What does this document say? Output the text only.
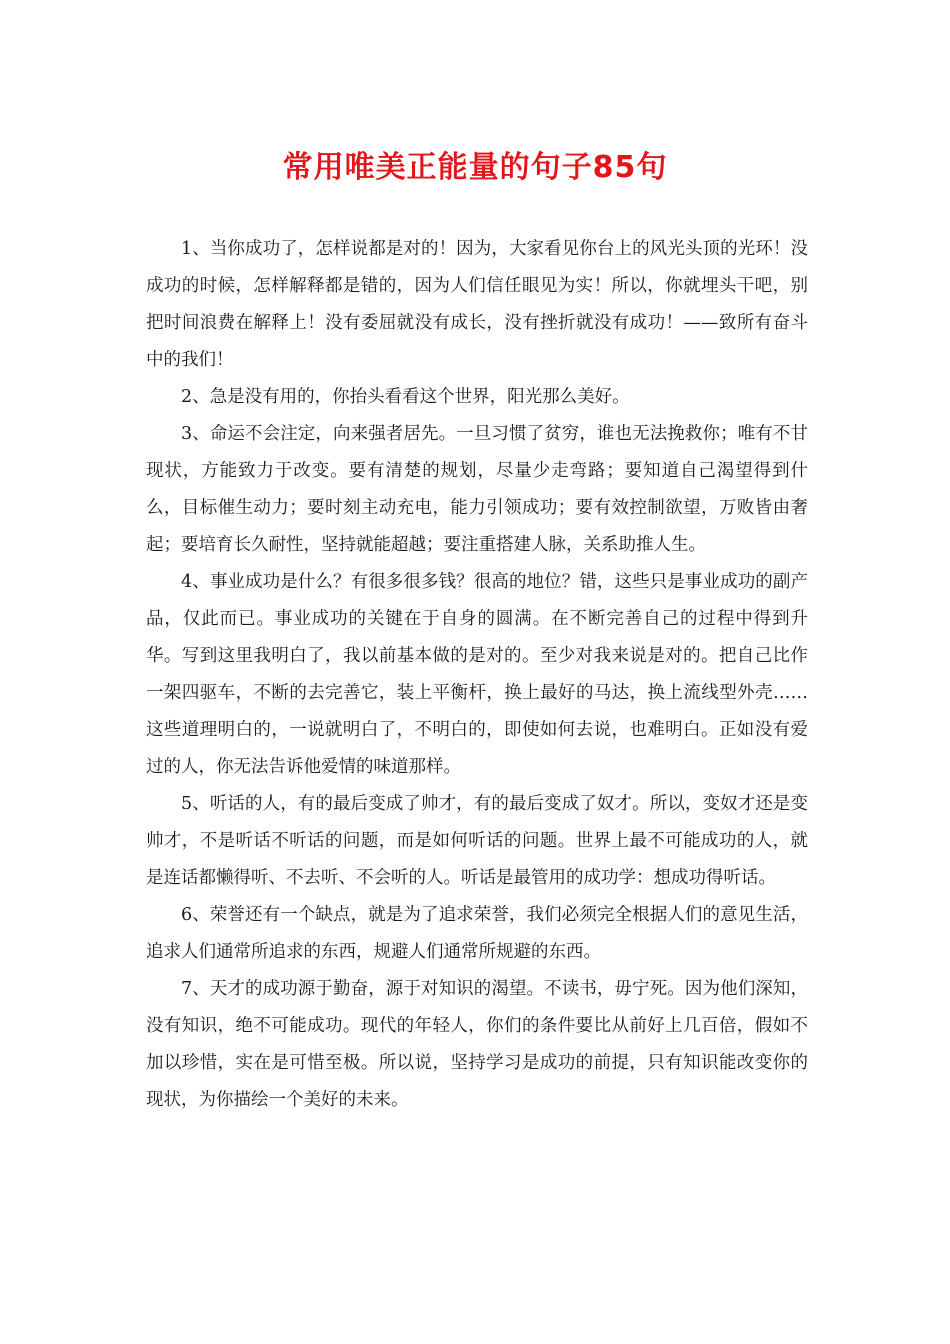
常用唯美正能量的句子85句

1、当你成功了，怎样说都是对的！因为，大家看见你台上的风光头顶的光环！没成功的时候，怎样解释都是错的，因为人们信任眼见为实！所以，你就埋头干吧，别把时间浪费在解释上！没有委屈就没有成长，没有挫折就没有成功！——致所有奋斗中的我们！

2、急是没有用的，你抬头看看这个世界，阳光那么美好。

3、命运不会注定，向来强者居先。一旦习惯了贫穷，谁也无法挽救你；唯有不甘现状，方能致力于改变。要有清楚的规划，尽量少走弯路；要知道自己渴望得到什么，目标催生动力；要时刻主动充电，能力引领成功；要有效控制欲望，万败皆由奢起；要培育长久耐性，坚持就能超越；要注重搭建人脉，关系助推人生。

4、事业成功是什么？有很多很多钱？很高的地位？错，这些只是事业成功的副产品，仅此而已。事业成功的关键在于自身的圆满。在不断完善自己的过程中得到升华。写到这里我明白了，我以前基本做的是对的。至少对我来说是对的。把自己比作一架四驱车，不断的去完善它，装上平衡杆，换上最好的马达，换上流线型外壳……这些道理明白的，一说就明白了，不明白的，即使如何去说，也难明白。正如没有爱过的人，你无法告诉他爱情的味道那样。

5、听话的人，有的最后变成了帅才，有的最后变成了奴才。所以，变奴才还是变帅才，不是听话不听话的问题，而是如何听话的问题。世界上最不可能成功的人，就是连话都懒得听、不去听、不会听的人。听话是最管用的成功学：想成功得听话。

6、荣誉还有一个缺点，就是为了追求荣誉，我们必须完全根据人们的意见生活，追求人们通常所追求的东西，规避人们通常所规避的东西。

7、天才的成功源于勤奋，源于对知识的渴望。不读书，毋宁死。因为他们深知，没有知识，绝不可能成功。现代的年轻人，你们的条件要比从前好上几百倍，假如不加以珍惜，实在是可惜至极。所以说，坚持学习是成功的前提，只有知识能改变你的现状，为你描绘一个美好的未来。
